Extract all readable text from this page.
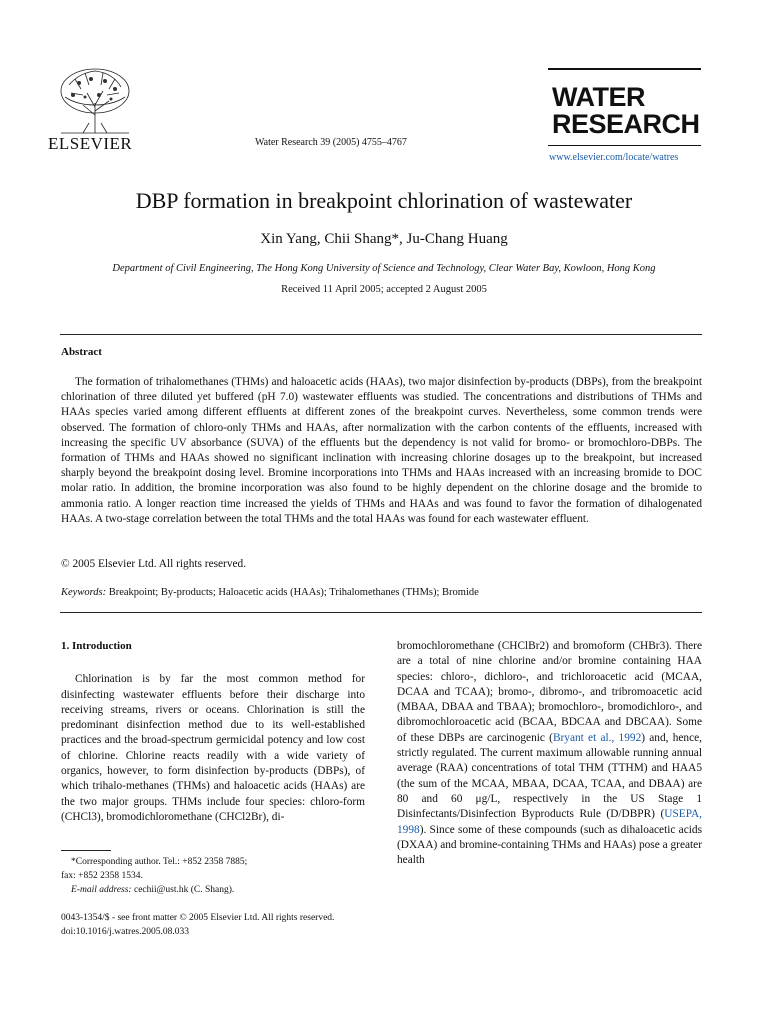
ELSEVIER	Water Research 39 (2005) 4755–4767
WATER
RESEARCH
www.elsevier.com/locate/watres
DBP formation in breakpoint chlorination of wastewater
Xin Yang, Chii Shang*, Ju-Chang Huang
Department of Civil Engineering, The Hong Kong University of Science and Technology, Clear Water Bay, Kowloon, Hong Kong
Received 11 April 2005; accepted 2 August 2005
Abstract

The formation of trihalomethanes (THMs) and haloacetic acids (HAAs), two major disinfection by-products (DBPs), from the breakpoint chlorination of three diluted yet buffered (pH 7.0) wastewater effluents was studied. The concentrations and distributions of THMs and HAAs species varied among different effluents at different zones of the breakpoint curves. Nevertheless, some common trends were observed. The formation of chloro-only THMs and HAAs, after normalization with the carbon contents of the effluents, increased with increasing the specific UV absorbance (SUVA) of the effluents but the dependency is not valid for bromo- or bromochloro-DBPs. The formation of THMs and HAAs showed no significant inclination with increasing chlorine dosages up to the breakpoint, but increased sharply beyond the breakpoint dosing level. Bromine incorporations into THMs and HAAs increased with an increasing bromide to DOC molar ratio. In addition, the bromine incorporation was also found to be highly dependent on the chlorine dosage and the bromide to ammonia ratio. A longer reaction time increased the yields of THMs and HAAs and was found to favor the formation of dihalogenated HAAs. A two-stage correlation between the total THMs and the total HAAs was found for each wastewater effluent.

© 2005 Elsevier Ltd. All rights reserved.
Keywords: Breakpoint; By-products; Haloacetic acids (HAAs); Trihalomethanes (THMs); Bromide
1. Introduction

Chlorination is by far the most common method for disinfecting wastewater effluents before their discharge into receiving streams, rivers or oceans. Chlorination is still the predominant disinfection method due to its well-established practices and the broad-spectrum germicidal potency and low cost of chlorine. Chlorine reacts readily with a wide variety of organics, however, to form disinfection by-products (DBPs), of which trihalo-methanes (THMs) and haloacetic acids (HAAs) are the two major groups. THMs include four species: chloro-form (CHCl3), bromodichloromethane (CHCl2Br), di-

bromochloromethane (CHClBr2) and bromoform (CHBr3). There are a total of nine chlorine and/or bromine containing HAA species: chloro-, dichloro-, and trichloroacetic acid (MCAA, DCAA and TCAA); bromo-, dibromo-, and tribromoacetic acid (MBAA, DBAA and TBAA); bromochloro-, bromodichloro-, and dibromochloroacetic acid (BCAA, BDCAA and DBCAA). Some of these DBPs are carcinogenic (Bryant et al., 1992) and, hence, strictly regulated. The current maximum allowable running annual average (RAA) concentrations of total THM (TTHM) and HAA5 (the sum of the MCAA, MBAA, DCAA, TCAA, and DBAA) are 80 and 60 μg/L, respectively in the US Stage 1 Disinfectants/Disinfection Byproducts Rule (D/DBPR) (USEPA, 1998). Since some of these compounds (such as dihaloacetic acids (DXAA) and bromine-containing THMs and HAAs) pose a greater health

*Corresponding author. Tel.: +852 2358 7885;
fax: +852 2358 1534.
E-mail address: cechii@ust.hk (C. Shang).
0043-1354/$ - see front matter © 2005 Elsevier Ltd. All rights reserved.
doi:10.1016/j.watres.2005.08.033
